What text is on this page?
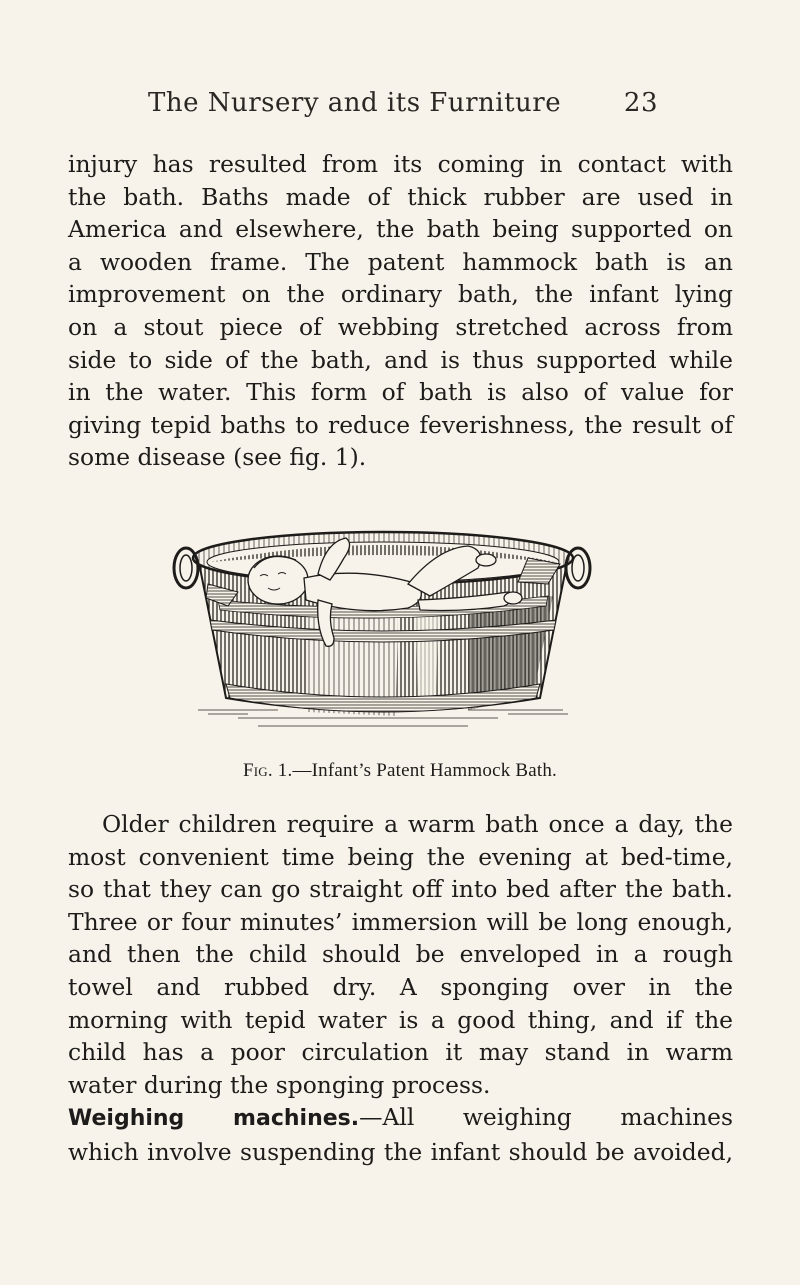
The Nursery and its Furniture 23
injury has resulted from its coming in contact with
the bath. Baths made of thick rubber are used in
America and elsewhere, the bath being supported on
a wooden frame. The patent hammock bath is an
improvement on the ordinary bath, the infant lying
on a stout piece of webbing stretched across from
side to side of the bath, and is thus supported while
in the water. This form of bath is also of value for
giving tepid baths to reduce feverishness, the result of
some disease (see fig. 1).
Fig. 1.—Infant’s Patent Hammock Bath.
Older children require a warm bath once a day, the
most convenient time being the evening at bed-time,
so that they can go straight off into bed after the bath.
Three or four minutes’ immersion will be long enough,
and then the child should be enveloped in a rough
towel and rubbed dry. A sponging over in the
morning with tepid water is a good thing, and if the
child has a poor circulation it may stand in warm
water during the sponging process.
Weighing machines.—All weighing machines
which involve suspending the infant should be avoided,
